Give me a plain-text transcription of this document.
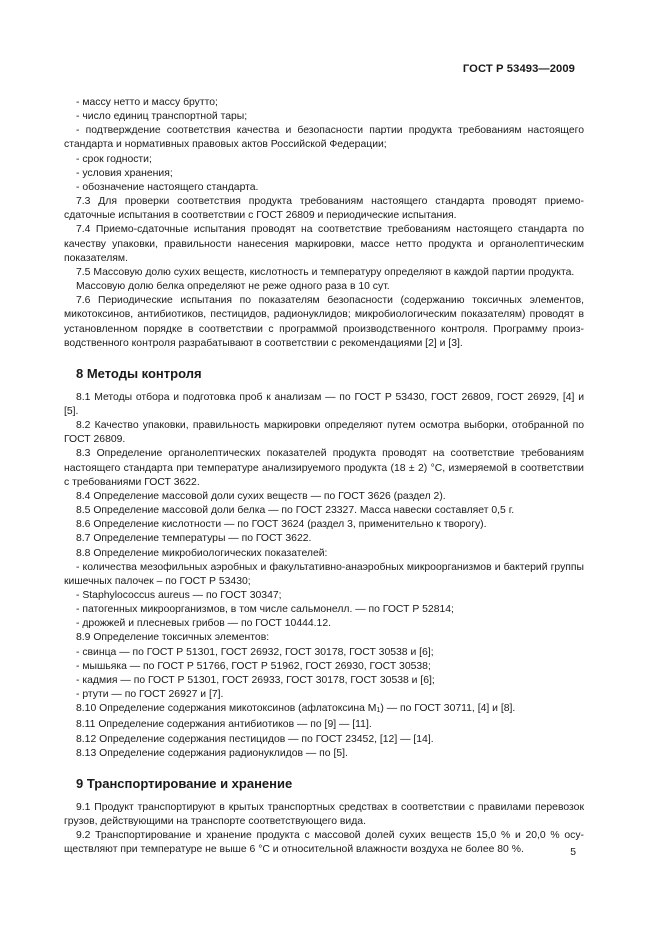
ГОСТ Р 53493—2009

- массу нетто и массу брутто;

- число единиц транспортной тары;

- подтверждение соответствия качества и безопасности партии продукта требованиям настоящего стандарта и нормативных правовых актов Российской Федерации;

- срок годности;

- условия хранения;

- обозначение настоящего стандарта.

7.3 Для проверки соответствия продукта требованиям настоящего стандарта проводят приемо-сдаточные испытания в соответствии с ГОСТ 26809 и периодические испытания.

7.4 Приемо-сдаточные испытания проводят на соответствие требованиям настоящего стандарта по качеству упаковки, правильности нанесения маркировки, массе нетто продукта и органолептическим показателям.

7.5 Массовую долю сухих веществ, кислотность и температуру определяют в каждой партии продукта.

Массовую долю белка определяют не реже одного раза в 10 сут.

7.6 Периодические испытания по показателям безопасности (содержанию токсичных элементов, микотоксинов, антибиотиков, пестицидов, радионуклидов; микробиологическим показателям) проводят в установленном порядке в соответствии с программой производственного контроля. Программу производственного контроля разрабатывают в соответствии с рекомендациями [2] и [3].

8 Методы контроля

8.1 Методы отбора и подготовка проб к анализам — по ГОСТ Р 53430, ГОСТ 26809, ГОСТ 26929, [4] и [5].

8.2 Качество упаковки, правильность маркировки определяют путем осмотра выборки, отобранной по ГОСТ 26809.

8.3 Определение органолептических показателей продукта проводят на соответствие требованиям настоящего стандарта при температуре анализируемого продукта (18 ± 2) °С, измеряемой в соответствии с требованиями ГОСТ 3622.

8.4 Определение массовой доли сухих веществ — по ГОСТ 3626 (раздел 2).

8.5 Определение массовой доли белка — по ГОСТ 23327. Масса навески составляет 0,5 г.

8.6 Определение кислотности — по ГОСТ 3624 (раздел 3, применительно к творогу).

8.7 Определение температуры — по ГОСТ 3622.

8.8 Определение микробиологических показателей:

- количества мезофильных аэробных и факультативно-анаэробных микроорганизмов и бактерий группы кишечных палочек – по ГОСТ Р 53430;

- Staphylococcus aureus — по ГОСТ 30347;

- патогенных микроорганизмов, в том числе сальмонелл. — по ГОСТ Р 52814;

- дрожжей и плесневых грибов — по ГОСТ 10444.12.

8.9 Определение токсичных элементов:

- свинца — по ГОСТ Р 51301, ГОСТ 26932, ГОСТ 30178, ГОСТ 30538 и [6];

- мышьяка — по ГОСТ Р 51766, ГОСТ Р 51962, ГОСТ 26930, ГОСТ 30538;

- кадмия — по ГОСТ Р 51301, ГОСТ 26933, ГОСТ 30178, ГОСТ 30538 и [6];

- ртути — по ГОСТ 26927 и [7].

8.10 Определение содержания микотоксинов (афлатоксина М1) — по ГОСТ 30711, [4] и [8].

8.11 Определение содержания антибиотиков — по [9] — [11].

8.12 Определение содержания пестицидов — по ГОСТ 23452, [12] — [14].

8.13 Определение содержания радионуклидов — по [5].

9 Транспортирование и хранение

9.1 Продукт транспортируют в крытых транспортных средствах в соответствии с правилами перевозок грузов, действующими на транспорте соответствующего вида.

9.2 Транспортирование и хранение продукта с массовой долей сухих веществ 15,0 % и 20,0 % осуществляют при температуре не выше 6 °С и относительной влажности воздуха не более 80 %.	5
